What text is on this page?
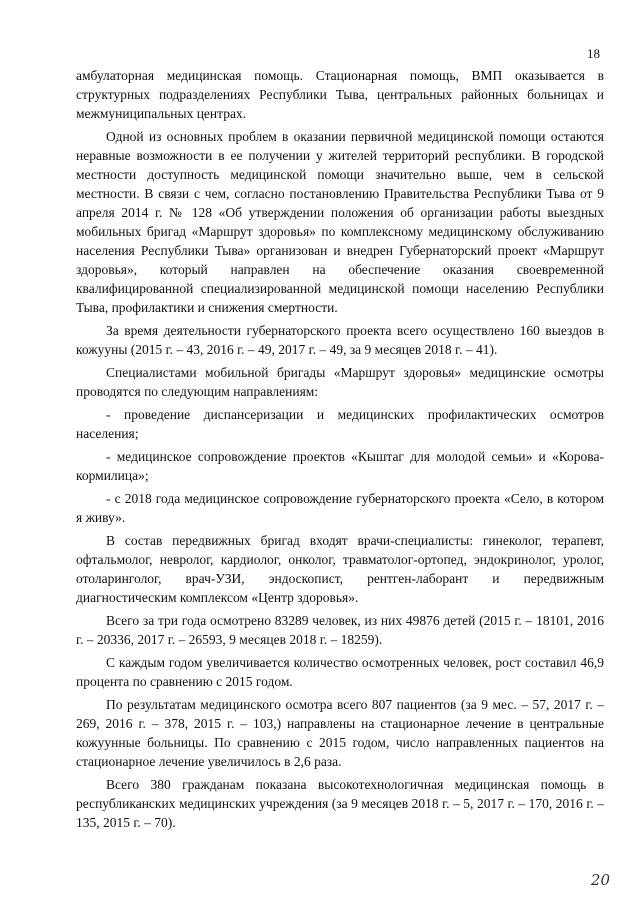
18

амбулаторная медицинская помощь. Стационарная помощь, ВМП оказывается в структурных подразделениях Республики Тыва, центральных районных больницах и межмуниципальных центрах.

Одной из основных проблем в оказании первичной медицинской помощи остаются неравные возможности в ее получении у жителей территорий республики. В городской местности доступность медицинской помощи значительно выше, чем в сельской местности. В связи с чем, согласно постановлению Правительства Республики Тыва от 9 апреля 2014 г. № 128 «Об утверждении положения об организации работы выездных мобильных бригад «Маршрут здоровья» по комплексному медицинскому обслуживанию населения Республики Тыва» организован и внедрен Губернаторский проект «Маршрут здоровья», который направлен на обеспечение оказания своевременной квалифицированной специализированной медицинской помощи населению Республики Тыва, профилактики и снижения смертности.

За время деятельности губернаторского проекта всего осуществлено 160 выездов в кожууны (2015 г. – 43, 2016 г. – 49, 2017 г. – 49, за 9 месяцев 2018 г. – 41).

Специалистами мобильной бригады «Маршрут здоровья» медицинские осмотры проводятся по следующим направлениям:

- проведение диспансеризации и медицинских профилактических осмотров населения;

- медицинское сопровождение проектов «Кыштаг для молодой семьи» и «Корова-кормилица»;

- с 2018 года медицинское сопровождение губернаторского проекта «Село, в котором я живу».

В состав передвижных бригад входят врачи-специалисты: гинеколог, терапевт, офтальмолог, невролог, кардиолог, онколог, травматолог-ортопед, эндокринолог, уролог, отоларинголог, врач-УЗИ, эндоскопист, рентген-лаборант и передвижным диагностическим комплексом «Центр здоровья».

Всего за три года осмотрено 83289 человек, из них 49876 детей (2015 г. – 18101, 2016 г. – 20336, 2017 г. – 26593, 9 месяцев 2018 г. – 18259).

С каждым годом увеличивается количество осмотренных человек, рост составил 46,9 процента по сравнению с 2015 годом.

По результатам медицинского осмотра всего 807 пациентов (за 9 мес. – 57, 2017 г. – 269, 2016 г. – 378, 2015 г. – 103,) направлены на стационарное лечение в центральные кожуунные больницы. По сравнению с 2015 годом, число направленных пациентов на стационарное лечение увеличилось в 2,6 раза.

Всего 380 гражданам показана высокотехнологичная медицинская помощь в республиканских медицинских учреждения (за 9 месяцев 2018 г. – 5, 2017 г. – 170, 2016 г. – 135, 2015 г. – 70).

20
